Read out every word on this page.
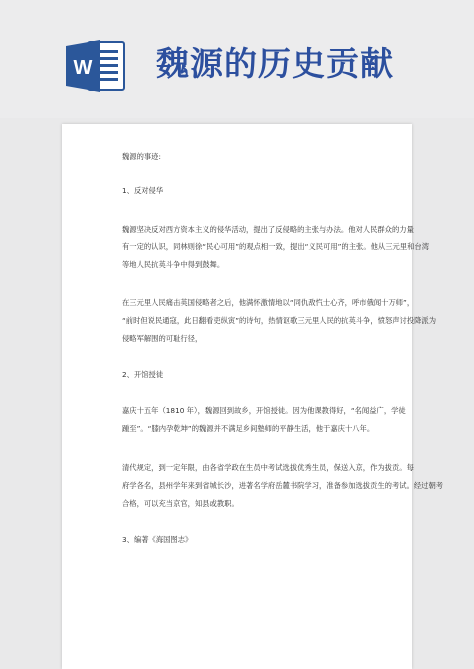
W 魏源的历史贡献
魏源的事迹:
1、反对侵华
魏源坚决反对西方资本主义的侵华活动，提出了反侵略的主张与办法。他对人民群众的力量
有一定的认识，同林则徐“民心可用”的观点相一致，提出“义民可用”的主张。他从三元里和台湾
等地人民抗英斗争中得到鼓舞。
在三元里人民痛击英国侵略者之后，他满怀激情地以“同仇敌忾士心齐，呼市俄闻十万师”，
“前时但说民通寇，此日翻看吏纵寅”的诗句，热情讴歌三元里人民的抗英斗争，愤怒声讨投降派为
侵略军解围的可耻行径，
2、开馆授徒
嘉庆十五年（1810 年），魏源回到故乡，开馆授徒。因为他课教得好，“名闻益广，学徒
踵至”。“膝内孕乾坤”的魏源并不满足乡间塾师的平静生活，他于嘉庆十八年。
清代规定，到一定年限，由各省学政在生员中考试选拔优秀生员，保送入京，作为拔贡。每
府学各名，县州学年来到省城长沙，进著名学府岳麓书院学习，准备参加选拔贡生的考试。经过朝考
合格，可以充当京官，知县或教职。
3、编著《海国图志》
